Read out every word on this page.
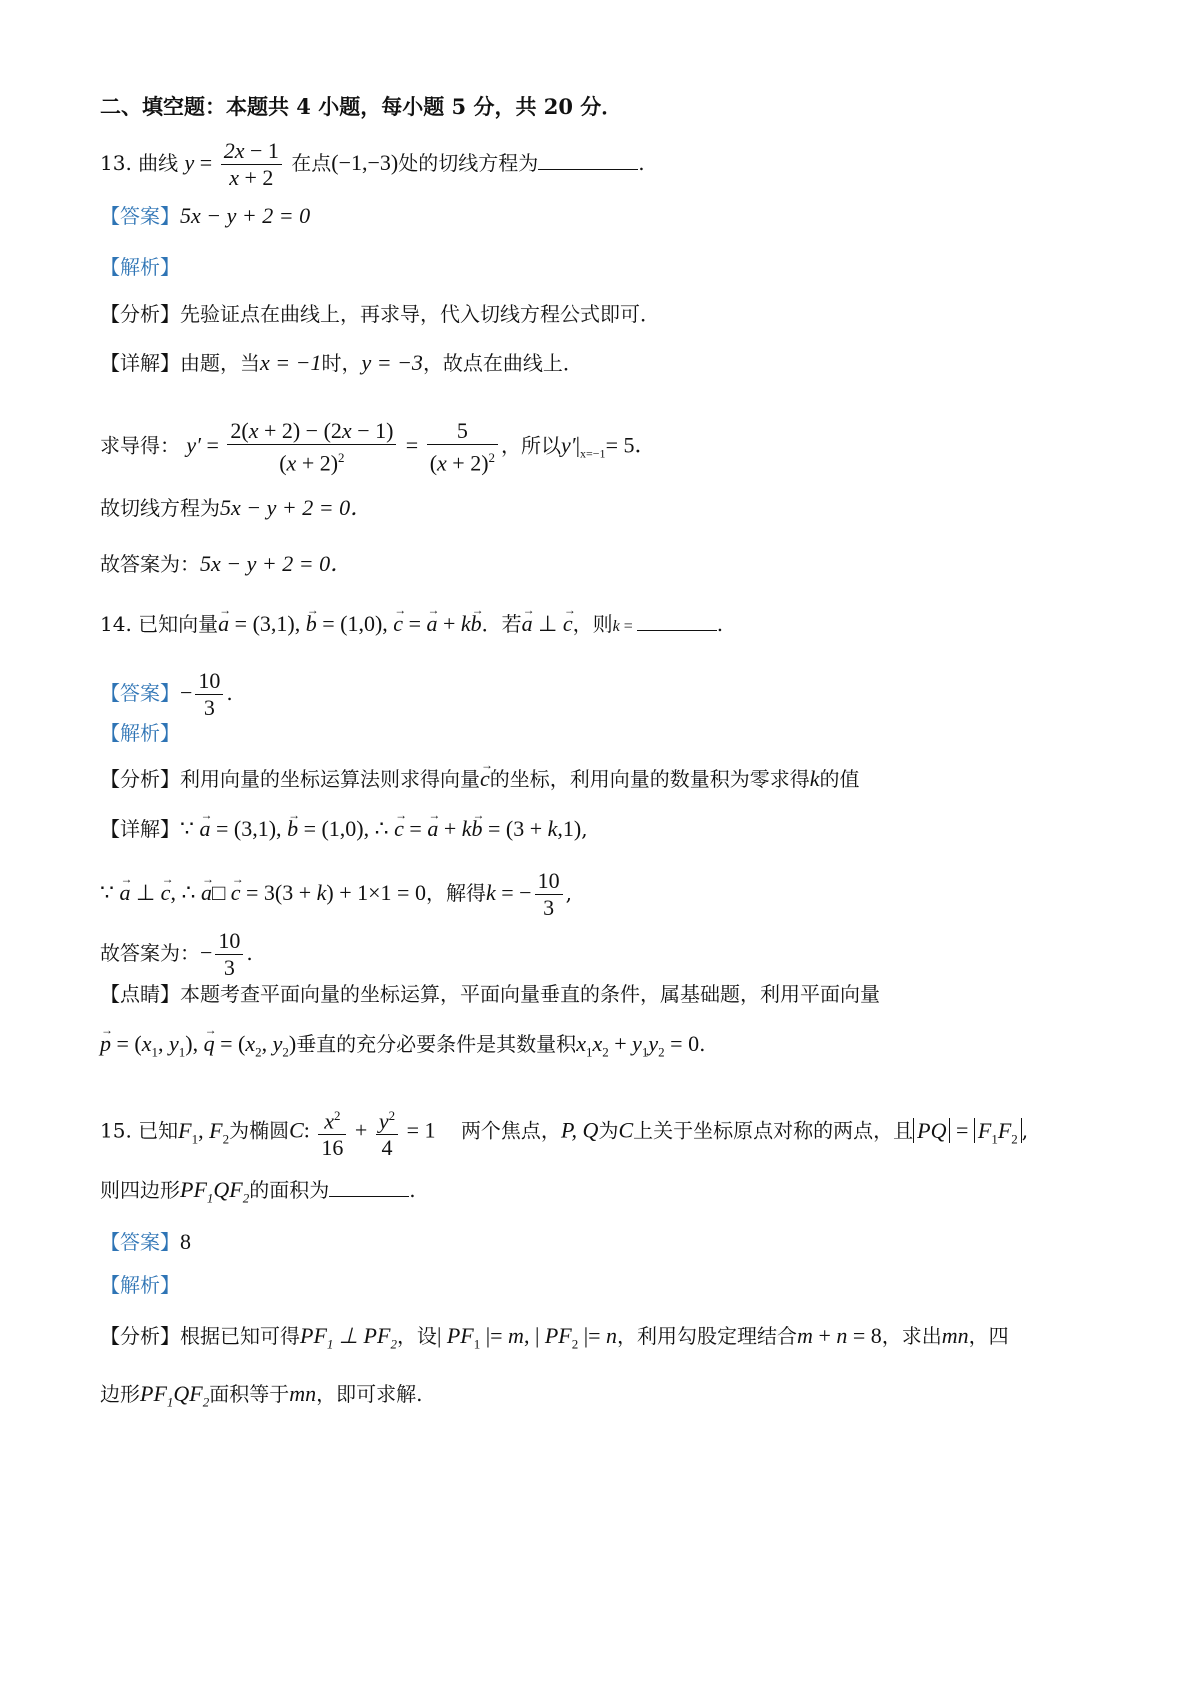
二、填空题：本题共 4 小题，每小题 5 分，共 20 分．
13. 曲线 $y = \frac{2x - 1}{x + 2}$ 在点(−1,−3)处的切线方程为	.
【答案】5x − y + 2 = 0
【解析】
【分析】先验证点在曲线上，再求导，代入切线方程公式即可．
【详解】由题，当x = −1时，y = −3，故点在曲线上．
求导得： $y' = \frac{2(x + 2) - (2x - 1)}{(x + 2)^2} = \frac{5}{(x + 2)^2}$ ，所以$y'|_{x=-1}= 5$．
故切线方程为5x − y + 2 = 0．
故答案为：5x − y + 2 = 0．
14. 已知向量→ a = (3,1), → b = (1,0), → c = → a + k→ b．若→ a ⊥ → c，则k =	.
【答案】− $\frac{10}{3}$ .
【解析】
【分析】利用向量的坐标运算法则求得向量→ c的坐标，利用向量的数量积为零求得k的值
【详解】∵ → a = (3,1), → b = (1,0), ∴ → c = → a + k→ b = (3 + k,1),
∵ → a ⊥ → c, ∴ → a□ → c = 3(3 + k) + 1×1 = 0，解得k = − $\frac{10}{3}$ ,
故答案为：− $\frac{10}{3}$ .
【点睛】本题考查平面向量的坐标运算，平面向量垂直的条件，属基础题，利用平面向量
→ $p = (x_1$, $y_1$), → $q = (x_2$, $y_2$)垂直的充分必要条件是其数量积$x_1x_2 + y_1y_2 = 0$.
15. 已知$F_1$, $F_2$为椭圆C: $\frac{x^2}{16} + \frac{y^2}{4} = 1$ 两个焦点，P, Q为C上关于坐标原点对称的两点，且 PQ = $F_1F_2$ ,
则四边形$PF_1QF_2$的面积为	.
【答案】8
【解析】
【分析】根据已知可得$PF_1$ ⊥ $PF_2$，设| $PF_1$ |= m, | $PF_2$ |= n，利用勾股定理结合m + n = 8，求出mn，四
边形$PF_1QF_2$面积等于mn，即可求解.
